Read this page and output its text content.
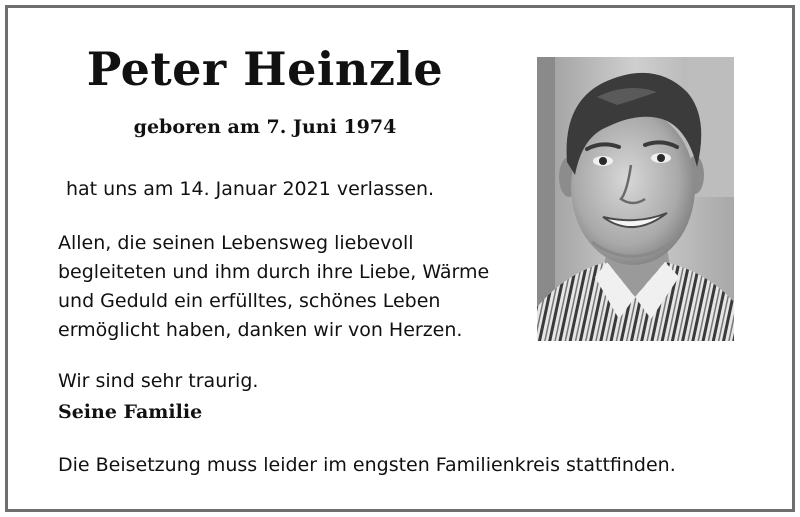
Peter Heinzle

geboren am 7. Juni 1974

hat uns am 14. Januar 2021 verlassen.

Allen, die seinen Lebensweg liebevoll
begleiteten und ihm durch ihre Liebe, Wärme
und Geduld ein erfülltes, schönes Leben
ermöglicht haben, danken wir von Herzen.

Wir sind sehr traurig.

Seine Familie

Die Beisetzung muss leider im engsten Familienkreis stattfinden.
